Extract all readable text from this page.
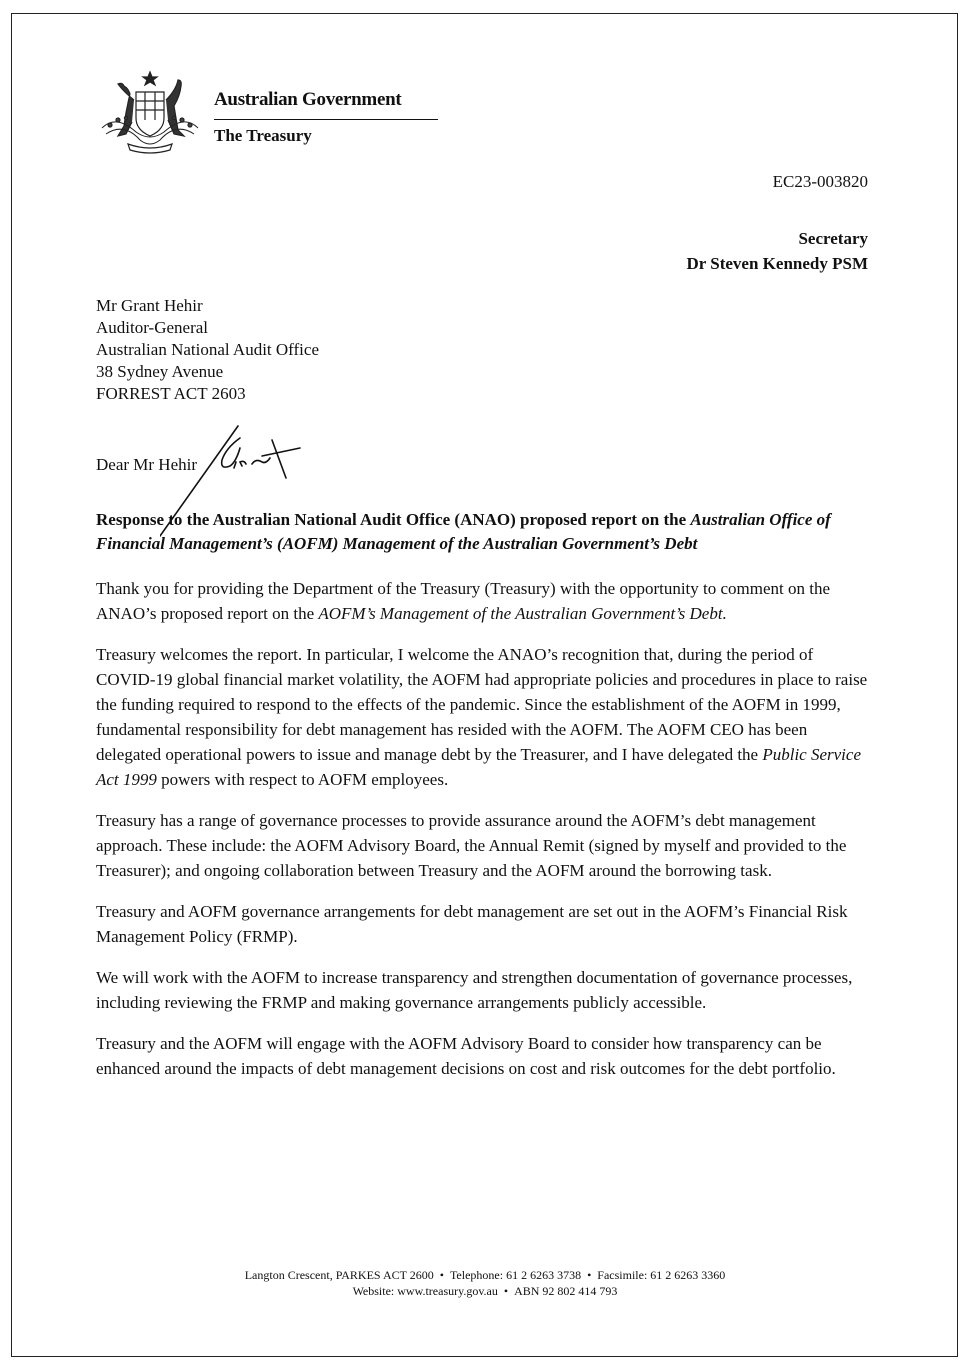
Australian Government
The Treasury
EC23-003820
Secretary
Dr Steven Kennedy PSM
Mr Grant Hehir
Auditor-General
Australian National Audit Office
38 Sydney Avenue
FORREST ACT 2603
Dear Mr Hehir
Response to the Australian National Audit Office (ANAO) proposed report on the Australian Office of Financial Management’s (AOFM) Management of the Australian Government’s Debt

Thank you for providing the Department of the Treasury (Treasury) with the opportunity to comment on the ANAO’s proposed report on the AOFM’s Management of the Australian Government’s Debt.

Treasury welcomes the report. In particular, I welcome the ANAO’s recognition that, during the period of COVID-19 global financial market volatility, the AOFM had appropriate policies and procedures in place to raise the funding required to respond to the effects of the pandemic. Since the establishment of the AOFM in 1999, fundamental responsibility for debt management has resided with the AOFM. The AOFM CEO has been delegated operational powers to issue and manage debt by the Treasurer, and I have delegated the Public Service Act 1999 powers with respect to AOFM employees.

Treasury has a range of governance processes to provide assurance around the AOFM’s debt management approach. These include: the AOFM Advisory Board, the Annual Remit (signed by myself and provided to the Treasurer); and ongoing collaboration between Treasury and the AOFM around the borrowing task.

Treasury and AOFM governance arrangements for debt management are set out in the AOFM’s Financial Risk Management Policy (FRMP).

We will work with the AOFM to increase transparency and strengthen documentation of governance processes, including reviewing the FRMP and making governance arrangements publicly accessible.

Treasury and the AOFM will engage with the AOFM Advisory Board to consider how transparency can be enhanced around the impacts of debt management decisions on cost and risk outcomes for the debt portfolio.

Langton Crescent, PARKES ACT 2600 • Telephone: 61 2 6263 3738 • Facsimile: 61 2 6263 3360
Website: www.treasury.gov.au • ABN 92 802 414 793
